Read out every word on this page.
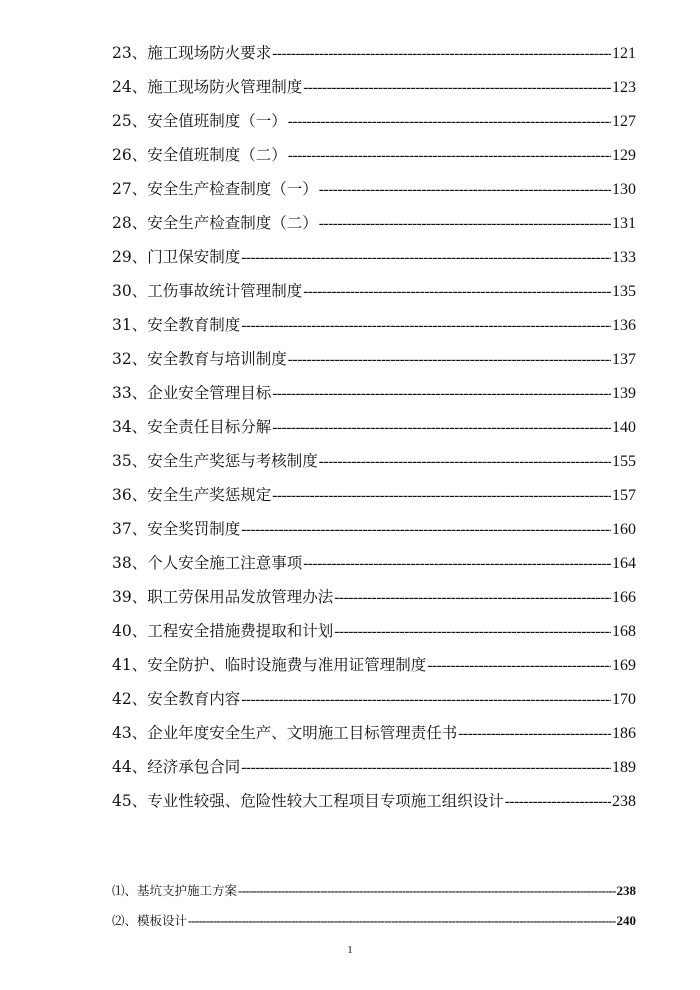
23、施工现场防火要求 -----	121
24、施工现场防火管理制度 -----	123
25、安全值班制度（一） -----	127
26、安全值班制度（二） -----	129
27、安全生产检查制度（一） -----	130
28、安全生产检查制度（二） -----	131
29、门卫保安制度 -----	133
30、工伤事故统计管理制度 -----	135
31、安全教育制度 -----	136
32、安全教育与培训制度 -----	137
33、企业安全管理目标 -----	139
34、安全责任目标分解 -----	140
35、安全生产奖惩与考核制度 -----	155
36、安全生产奖惩规定 -----	157
37、安全奖罚制度 -----	160
38、个人安全施工注意事项 -----	164
39、职工劳保用品发放管理办法 -----	166
40、工程安全措施费提取和计划 -----	168
41、安全防护、临时设施费与准用证管理制度 -----	169
42、安全教育内容 -----	170
43、企业年度安全生产、文明施工目标管理责任书 -----	186
44、经济承包合同 -----	189
45、专业性较强、危险性较大工程项目专项施工组织设计 -----	238
⑴、基坑支护施工方案 -----	238
⑵、模板设计 -----	240
1
